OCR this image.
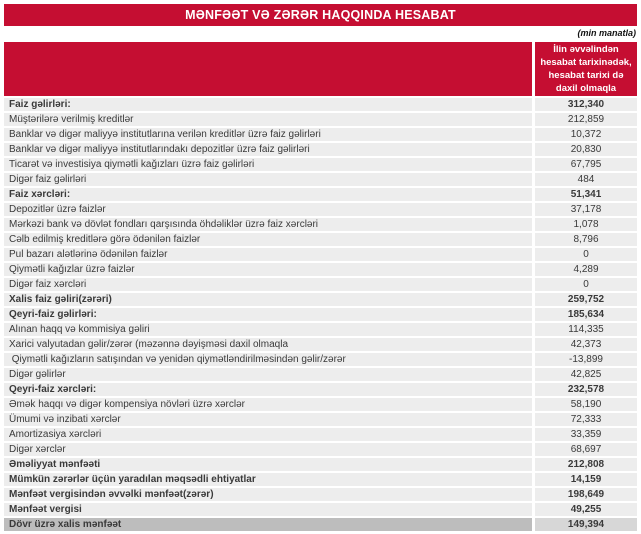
MƏNFƏƏT VƏ ZƏRƏR HAQQINDA HESABAT
(min manatla)
İlin əvvəlindən hesabat tarixinədək, hesabat tarixi də daxil olmaqla
Faiz gəlirləri:	312,340
Müştərilərə verilmiş kreditlər	212,859
Banklar və digər maliyyə institutlarına verilən kreditlər üzrə faiz gəlirləri	10,372
Banklar və digər maliyyə institutlarındakı depozitlər üzrə faiz gəlirləri	20,830
Ticarət və investisiya qiymətli kağızları üzrə faiz gəlirləri	67,795
Digər faiz gəlirləri	484
Faiz xərcləri:	51,341
Depozitlər üzrə faizlər	37,178
Mərkəzi bank və dövlət fondları qarşısında öhdəliklər üzrə faiz xərcləri	1,078
Cəlb edilmiş kreditlərə görə ödənilən faizlər	8,796
Pul bazarı alətlərinə ödənilən faizlər	0
Qiymətli kağızlar üzrə faizlər	4,289
Digər faiz xərcləri	0
Xalis faiz gəliri(zərəri)	259,752
Qeyri-faiz gəlirləri:	185,634
Alınan haqq və kommisiya gəliri	114,335
Xarici valyutadan gəlir/zərər (məzənnə dəyişməsi daxil olmaqla	42,373
Qiymətli kağızların satışından və yenidən qiymətləndirilməsindən gəlir/zərər	-13,899
Digər gəlirlər	42,825
Qeyri-faiz xərcləri:	232,578
Əmək haqqı və digər kompensiya növləri üzrə xərclər	58,190
Ümumi və inzibati xərclər	72,333
Amortizasiya xərcləri	33,359
Digər xərclər	68,697
Əməliyyat mənfəəti	212,808
Mümkün zərərlər üçün yaradılan məqsədli ehtiyatlar	14,159
Mənfəət vergisindən əvvəlki mənfəət(zərər)	198,649
Mənfəət vergisi	49,255
Dövr üzrə xalis mənfəət	149,394
